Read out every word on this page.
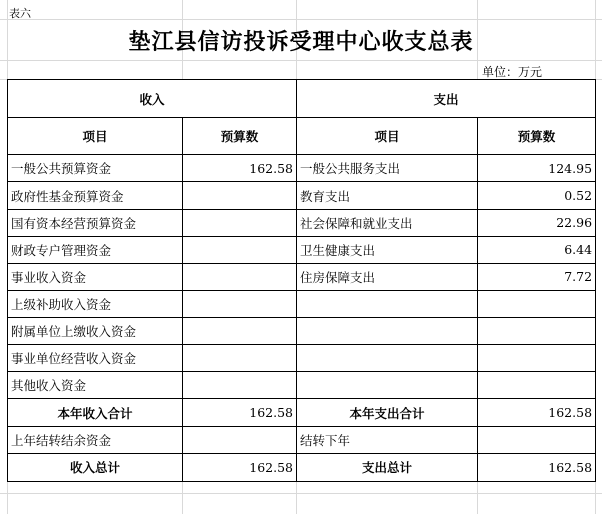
表六
垫江县信访投诉受理中心收支总表
单位：万元
收入		支出	
项目	预算数	项目	预算数
一般公共预算资金	162.58	一般公共服务支出	124.95
政府性基金预算资金		教育支出	0.52
国有资本经营预算资金		社会保障和就业支出	22.96
财政专户管理资金		卫生健康支出	6.44
事业收入资金		住房保障支出	7.72
上级补助收入资金			
附属单位上缴收入资金			
事业单位经营收入资金			
其他收入资金			
本年收入合计	162.58	本年支出合计	162.58
上年结转结余资金		结转下年	
收入总计	162.58	支出总计	162.58
